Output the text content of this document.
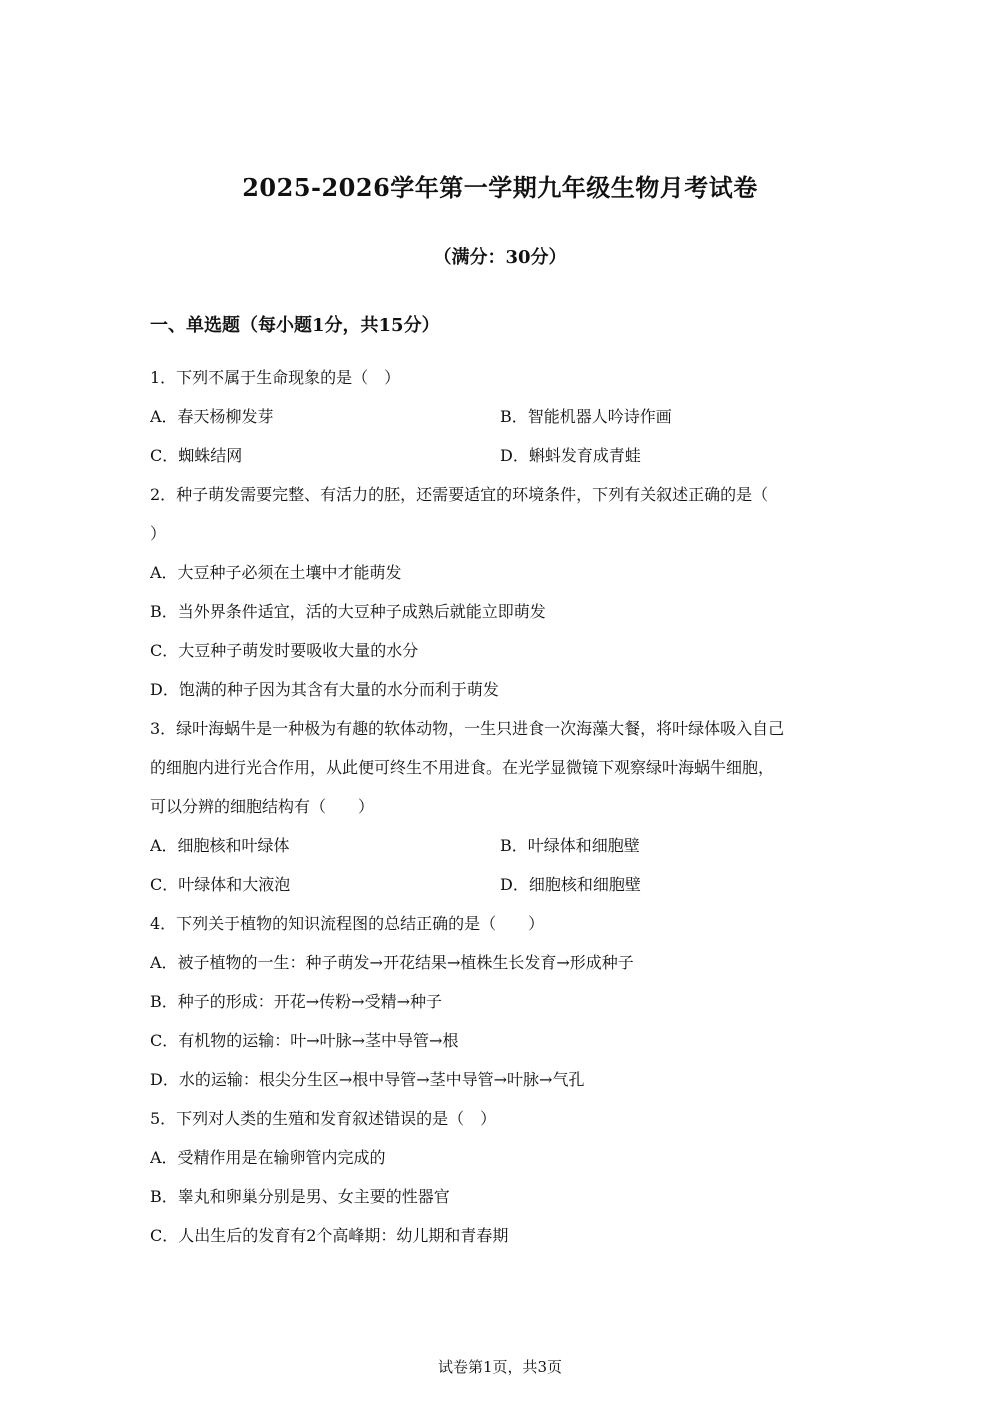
2025-2026学年第一学期九年级生物月考试卷
（满分：30分）
一、单选题（每小题1分，共15分）
1．下列不属于生命现象的是（　）
A．春天杨柳发芽	B．智能机器人吟诗作画
C．蜘蛛结网	D．蝌蚪发育成青蛙
2．种子萌发需要完整、有活力的胚，还需要适宜的环境条件，下列有关叙述正确的是（
）
A．大豆种子必须在土壤中才能萌发
B．当外界条件适宜，活的大豆种子成熟后就能立即萌发
C．大豆种子萌发时要吸收大量的水分
D．饱满的种子因为其含有大量的水分而利于萌发
3．绿叶海蜗牛是一种极为有趣的软体动物，一生只进食一次海藻大餐，将叶绿体吸入自己
的细胞内进行光合作用，从此便可终生不用进食。在光学显微镜下观察绿叶海蜗牛细胞，
可以分辨的细胞结构有（　　）
A．细胞核和叶绿体	B．叶绿体和细胞壁
C．叶绿体和大液泡	D．细胞核和细胞壁
4．下列关于植物的知识流程图的总结正确的是（　　）
A．被子植物的一生：种子萌发→开花结果→植株生长发育→形成种子
B．种子的形成：开花→传粉→受精→种子
C．有机物的运输：叶→叶脉→茎中导管→根
D．水的运输：根尖分生区→根中导管→茎中导管→叶脉→气孔
5．下列对人类的生殖和发育叙述错误的是（　）
A．受精作用是在输卵管内完成的
B．睾丸和卵巢分别是男、女主要的性器官
C．人出生后的发育有2个高峰期：幼儿期和青春期
试卷第1页，共3页
